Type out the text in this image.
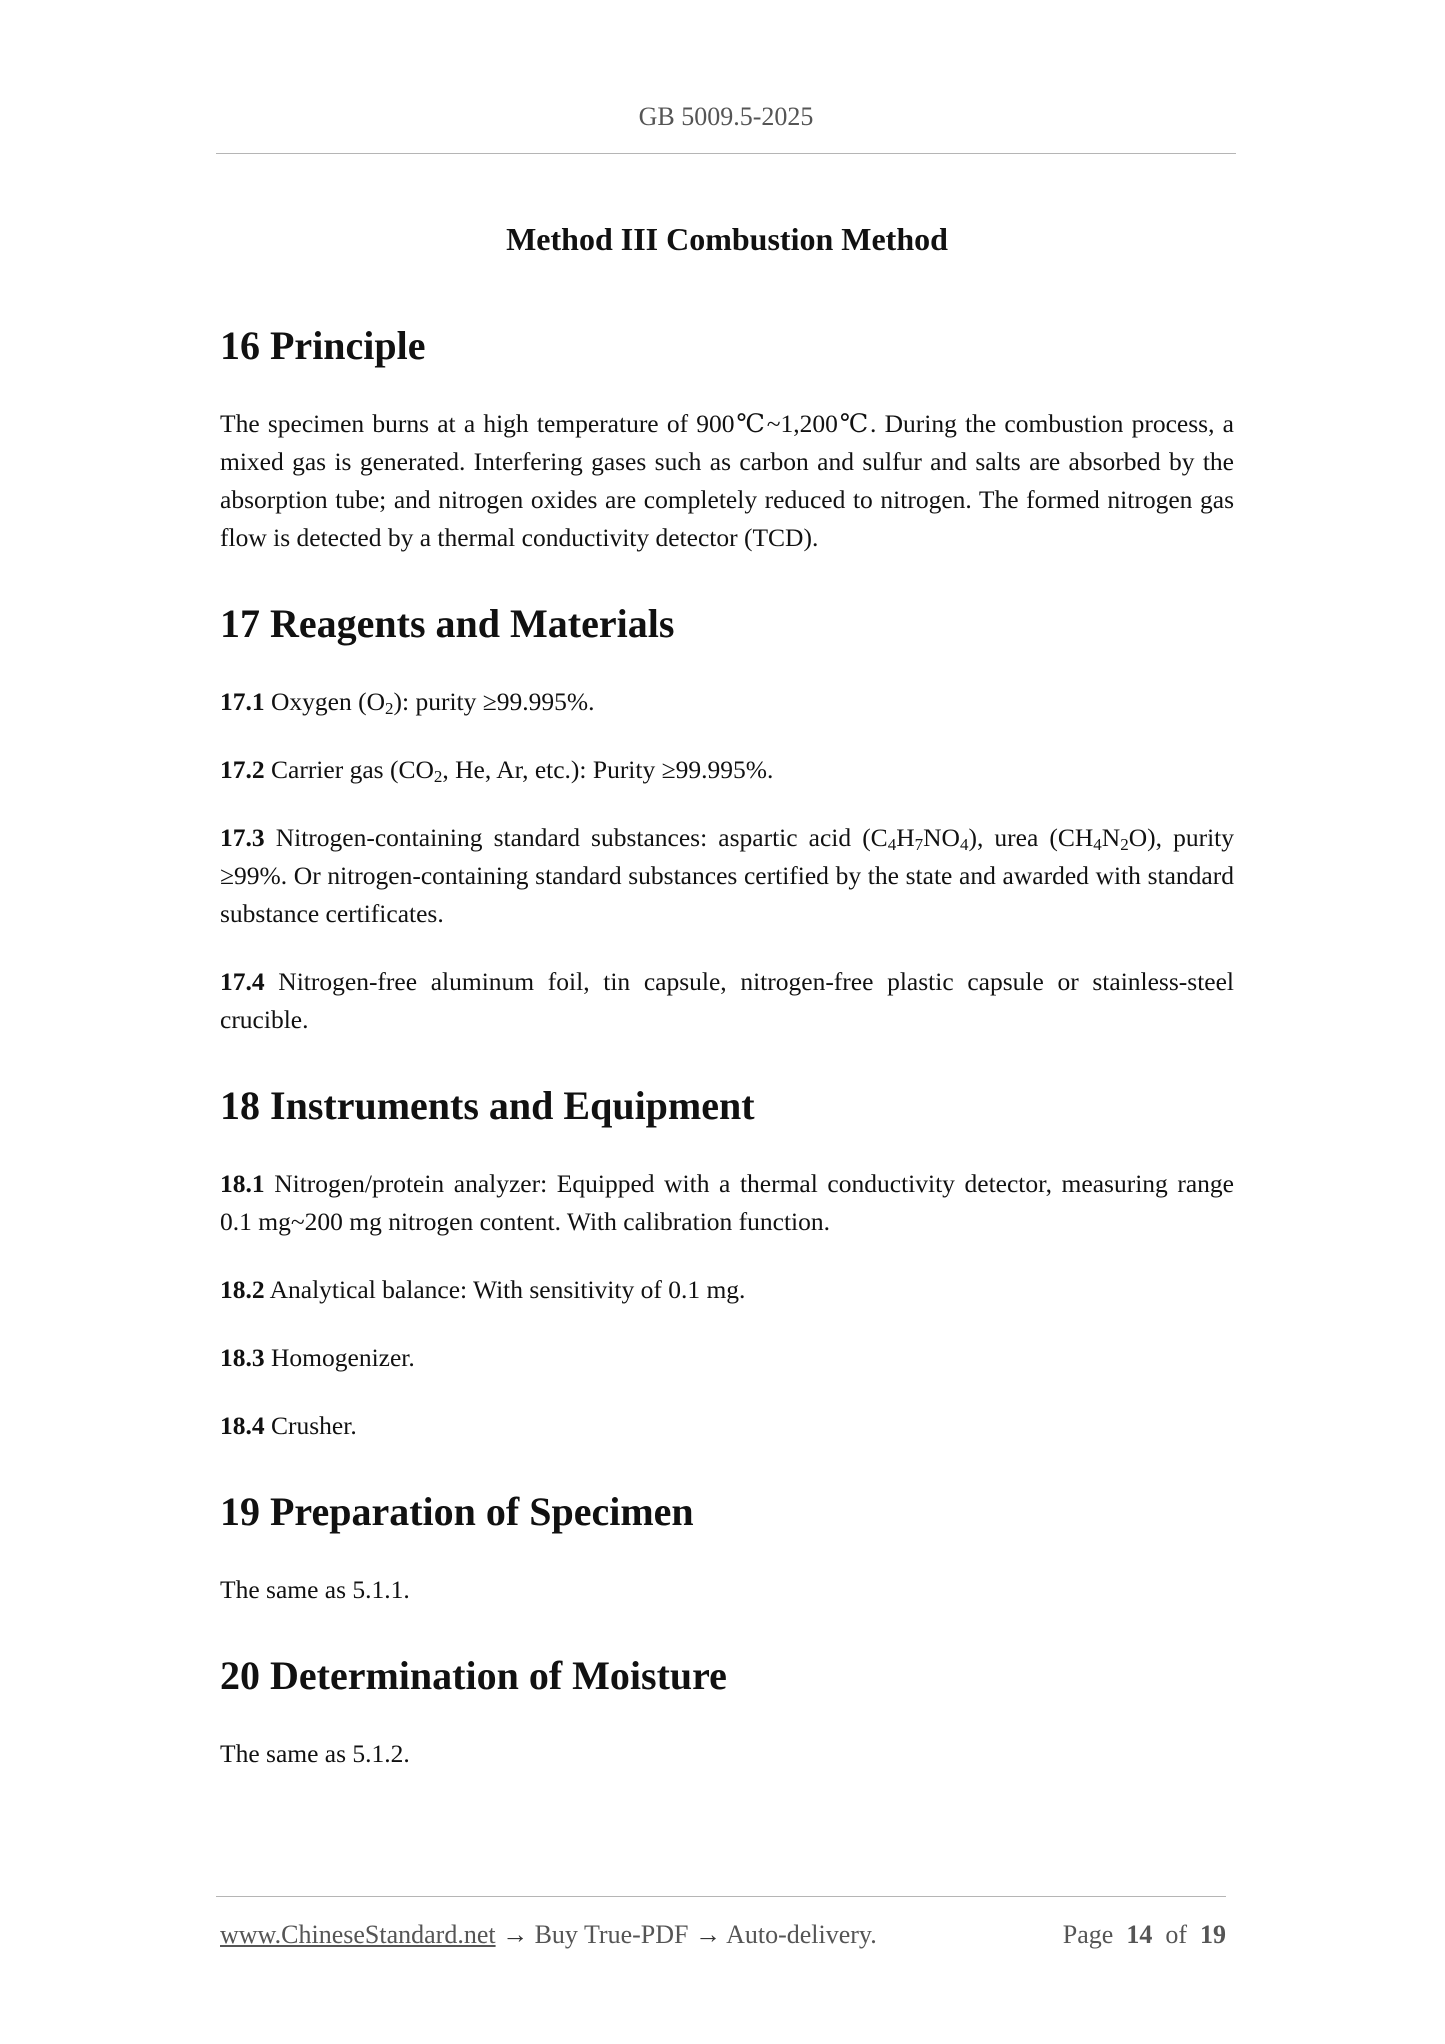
GB 5009.5-2025
Method III Combustion Method
16 Principle

The specimen burns at a high temperature of 900℃~1,200℃. During the combustion process, a mixed gas is generated. Interfering gases such as carbon and sulfur and salts are absorbed by the absorption tube; and nitrogen oxides are completely reduced to nitrogen. The formed nitrogen gas flow is detected by a thermal conductivity detector (TCD).

17 Reagents and Materials

17.1 Oxygen $(O_2)$: purity ≥99.995%.

17.2 Carrier gas ($CO_2$, He, Ar, etc.): Purity ≥99.995%.

17.3 Nitrogen-containing standard substances: aspartic acid $(C_4H_7NO_4)$, urea $(CH_4N_2O)$, purity ≥99%. Or nitrogen-containing standard substances certified by the state and awarded with standard substance certificates.

17.4 Nitrogen-free aluminum foil, tin capsule, nitrogen-free plastic capsule or stainless-steel crucible.

18 Instruments and Equipment

18.1 Nitrogen/protein analyzer: Equipped with a thermal conductivity detector, measuring range 0.1 mg~200 mg nitrogen content. With calibration function.

18.2 Analytical balance: With sensitivity of 0.1 mg.

18.3 Homogenizer.

18.4 Crusher.

19 Preparation of Specimen

The same as 5.1.1.

20 Determination of Moisture

The same as 5.1.2.

www.ChineseStandard.net → Buy True-PDF → Auto-delivery.	Page 14 of 19
